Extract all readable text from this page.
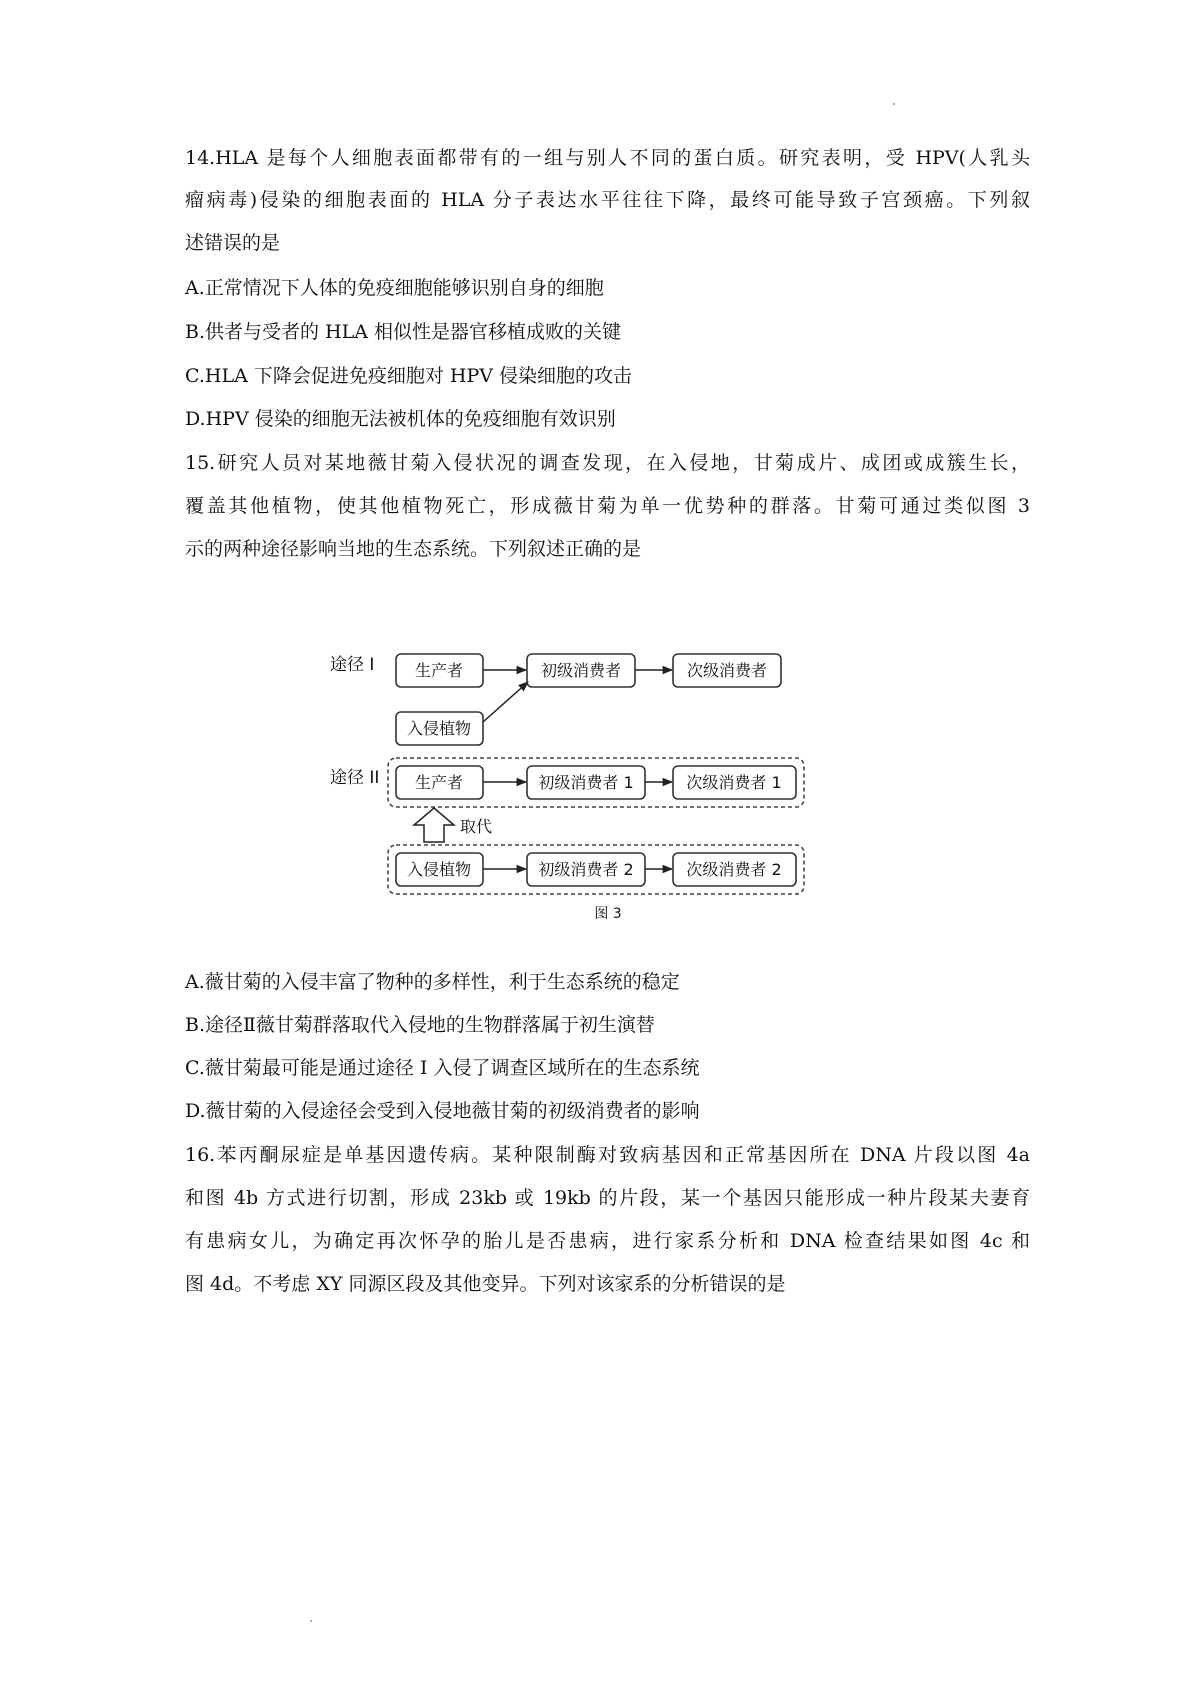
14.HLA 是每个人细胞表面都带有的一组与别人不同的蛋白质。研究表明，受 HPV(人乳头
瘤病毒)侵染的细胞表面的 HLA 分子表达水平往往下降，最终可能导致子宫颈癌。下列叙
述错误的是
A.正常情况下人体的免疫细胞能够识别自身的细胞
B.供者与受者的 HLA 相似性是器官移植成败的关键
C.HLA 下降会促进免疫细胞对 HPV 侵染细胞的攻击
D.HPV 侵染的细胞无法被机体的免疫细胞有效识别
15.研究人员对某地薇甘菊入侵状况的调查发现，在入侵地，甘菊成片、成团或成簇生长，
覆盖其他植物，使其他植物死亡，形成薇甘菊为单一优势种的群落。甘菊可通过类似图 3
示的两种途径影响当地的生态系统。下列叙述正确的是
途径 I	生产者	初级消费者	次级消费者
入侵植物
途径 II 生产者	初级消费者 1	次级消费者 1
取代
入侵植物	初级消费者 2	次级消费者 2
图 3
A.薇甘菊的入侵丰富了物种的多样性，利于生态系统的稳定
B.途径Ⅱ薇甘菊群落取代入侵地的生物群落属于初生演替
C.薇甘菊最可能是通过途径 I 入侵了调查区域所在的生态系统
D.薇甘菊的入侵途径会受到入侵地薇甘菊的初级消费者的影响
16.苯丙酮尿症是单基因遗传病。某种限制酶对致病基因和正常基因所在 DNA 片段以图 4a
和图 4b 方式进行切割，形成 23kb 或 19kb 的片段，某一个基因只能形成一种片段某夫妻育
有患病女儿，为确定再次怀孕的胎儿是否患病，进行家系分析和 DNA 检查结果如图 4c 和
图 4d。不考虑 XY 同源区段及其他变异。下列对该家系的分析错误的是
